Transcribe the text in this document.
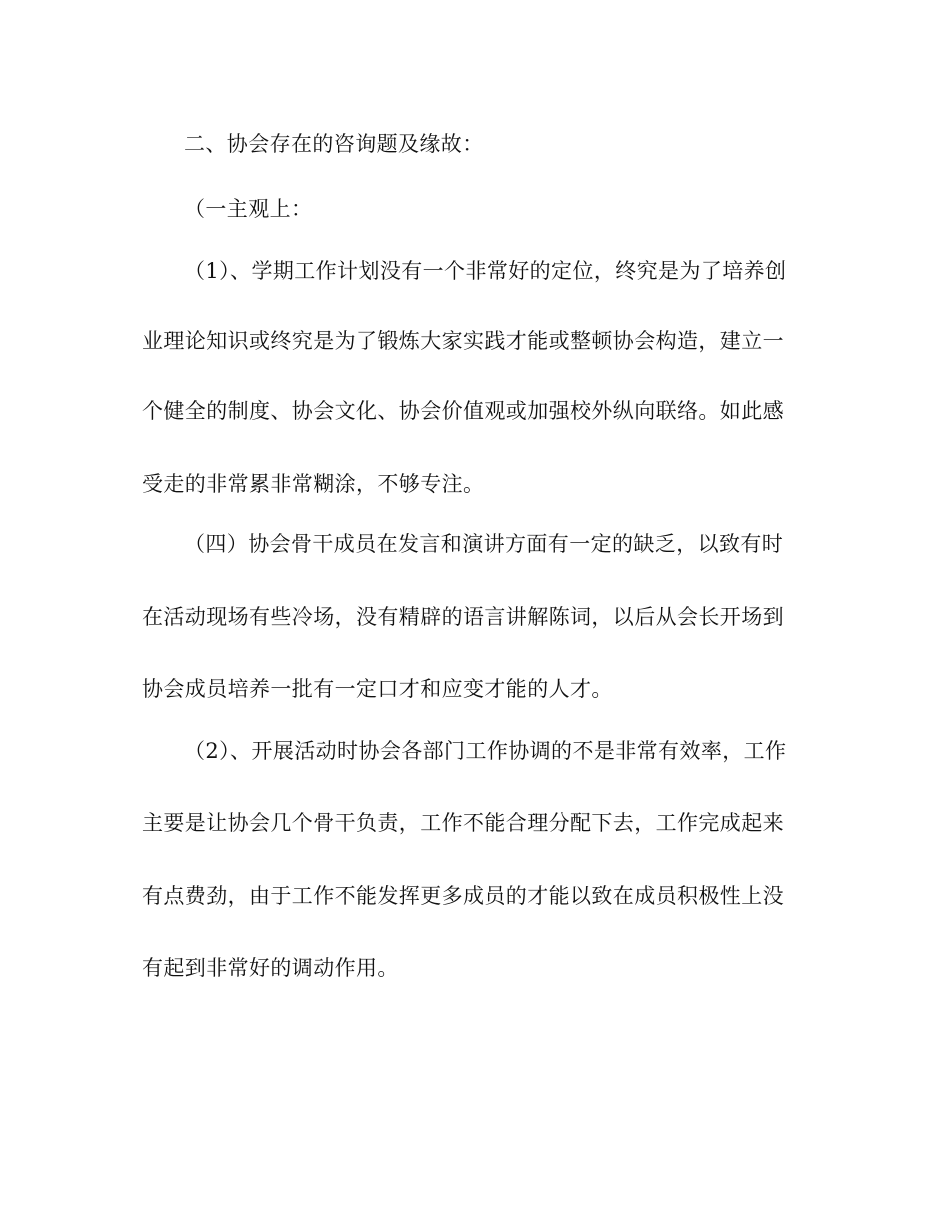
二、协会存在的咨询题及缘故：
（一主观上：
（1）、学期工作计划没有一个非常好的定位，终究是为了培养创
业理论知识或终究是为了锻炼大家实践才能或整顿协会构造，建立一
个健全的制度、协会文化、协会价值观或加强校外纵向联络。如此感
受走的非常累非常糊涂，不够专注。
（四）协会骨干成员在发言和演讲方面有一定的缺乏，以致有时
在活动现场有些冷场，没有精辟的语言讲解陈词，以后从会长开场到
协会成员培养一批有一定口才和应变才能的人才。
（2）、开展活动时协会各部门工作协调的不是非常有效率，工作
主要是让协会几个骨干负责，工作不能合理分配下去，工作完成起来
有点费劲，由于工作不能发挥更多成员的才能以致在成员积极性上没
有起到非常好的调动作用。
